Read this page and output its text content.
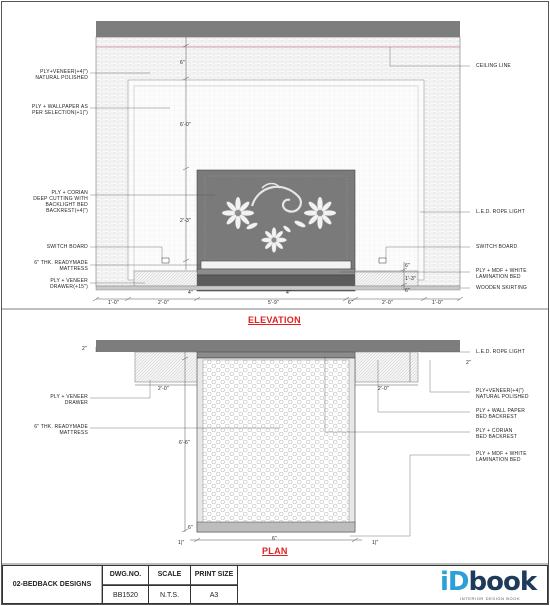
PLY+VENEER(+4|")
NATURAL POLISHED
PLY + WALLPAPER AS
PER SELECTION(+1|")
PLY + CORIAN
DEEP CUTTING WITH
BACKLIGHT BED
BACKREST(+4|")
SWITCH BOARD
6" THK. READYMADE
MATTRESS
PLY + VENEER
DRAWER(+15")
CEILING LINE
L.E.D. ROPE LIGHT
SWITCH BOARD
PLY + MDF + WHITE
LAMINATION BED
WOODEN SKIRTING
6"
6'-0"
2'-3"
6"
1'-3"
6"
1'-0"	2'-0"	5'-9"	6"	2'-0"	1'-0"
4"	4"
ELEVATION
PLY + VENEER
DRAWER
6" THK. READYMADE
MATTRESS
L.E.D. ROPE LIGHT
PLY+VENEER(+4|")
NATURAL POLISHED
PLY + WALL PAPER
BED BACKREST
PLY + CORIAN
BED BACKREST
PLY + MDF + WHITE
LAMINATION BED
2'-0"	2'-0"
6'-6"
6"
6"
1|"	1|"
2"
2"
PLAN
02-BEDBACK DESIGNS
DWG.NO.
BB1520
SCALE
N.T.S.
PRINT SIZE
A3	iDbook
INTERIOR DESIGN BOOK
